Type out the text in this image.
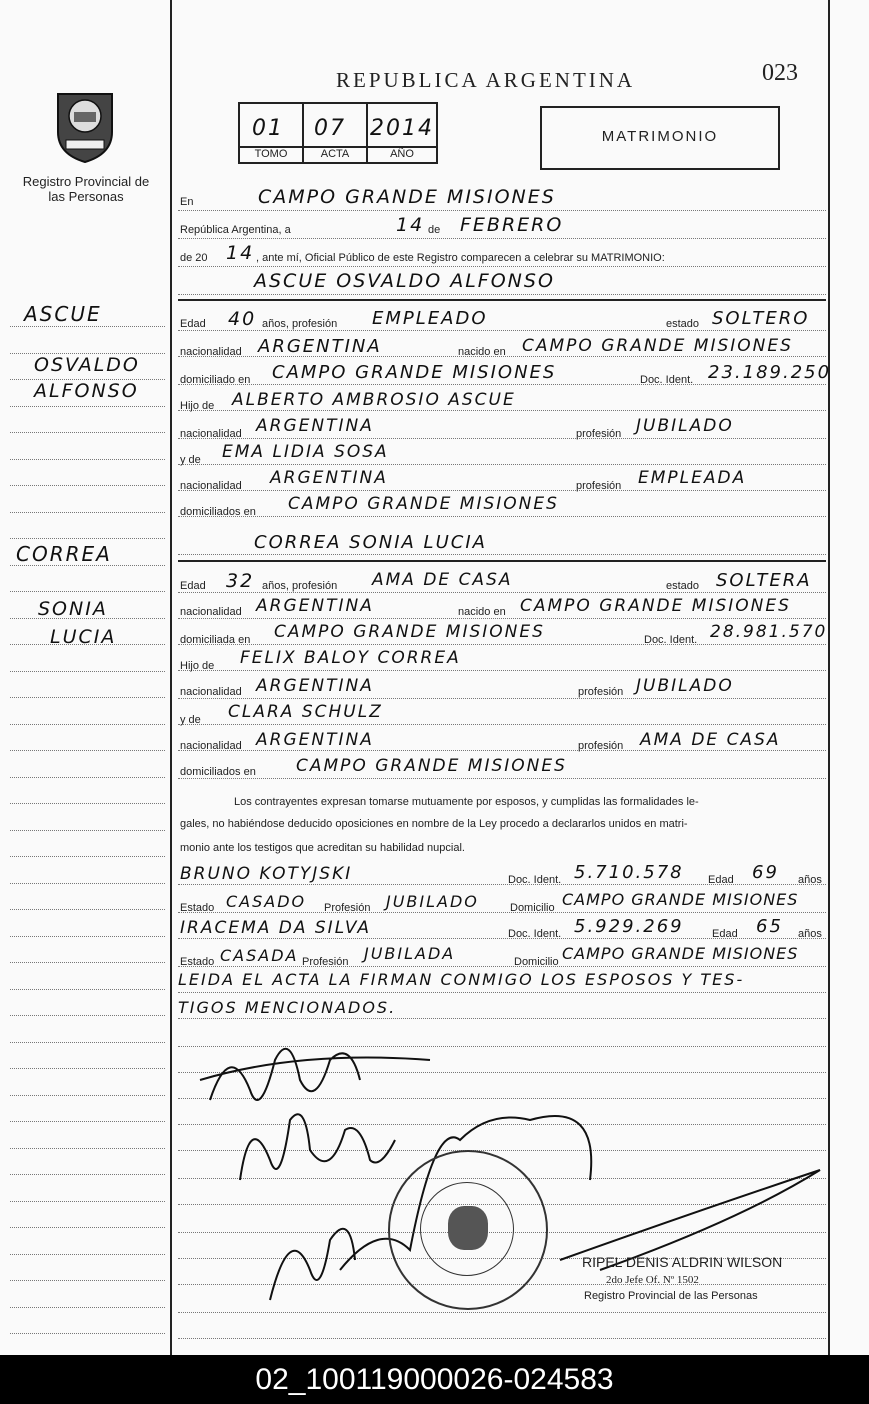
Registro Provincial de las Personas
REPUBLICA ARGENTINA	023
01 07 2014
TOMO	ACTA	AÑO
MATRIMONIO
En	CAMPO GRANDE MISIONES
República Argentina, a	14 de FEBRERO
de 20 14 , ante mí, Oficial Público de este Registro comparecen a celebrar su MATRIMONIO:
ASCUE OSVALDO ALFONSO
ASCUE
OSVALDO
ALFONSO
Edad 40 años, profesión EMPLEADO	estado SOLTERO
nacionalidad ARGENTINA	nacido en CAMPO GRANDE MISIONES
domiciliado en CAMPO GRANDE MISIONES	Doc. Ident. 23.189.250
Hijo de ALBERTO AMBROSIO ASCUE
nacionalidad ARGENTINA	profesión JUBILADO
y de EMA LIDIA SOSA
nacionalidad ARGENTINA	profesión EMPLEADA
domiciliados en CAMPO GRANDE MISIONES
CORREA SONIA LUCIA
CORREA
SONIA
LUCIA
Edad 32 años, profesión AMA DE CASA	estado SOLTERA
nacionalidad ARGENTINA	nacido en CAMPO GRANDE MISIONES
domiciliada en CAMPO GRANDE MISIONES	Doc. Ident. 28.981.570
Hijo de FELIX BALOY CORREA
nacionalidad ARGENTINA	profesión JUBILADO
y de CLARA SCHULZ
nacionalidad ARGENTINA	profesión AMA DE CASA
domiciliados en CAMPO GRANDE MISIONES
Los contrayentes expresan tomarse mutuamente por esposos, y cumplidas las formalidades le-
gales, no habiéndose deducido oposiciones en nombre de la Ley procedo a declararlos unidos en matri-
monio ante los testigos que acreditan su habilidad nupcial.
BRUNO KOTYJSKI	Doc. Ident. 5.710.578 Edad 69 años
Estado CASADO Profesión JUBILADO	Domicilio CAMPO GRANDE MISIONES
IRACEMA DA SILVA	Doc. Ident. 5.929.269	Edad 65 años
Estado CASADA Profesión JUBILADA	Domicilio CAMPO GRANDE MISIONES
LEIDA EL ACTA LA FIRMAN CONMIGO LOS ESPOSOS Y TES-
TIGOS MENCIONADOS.
RIPEL DENIS ALDRIN WILSON
2do Jefe Of. Nº 1502
Registro Provincial de las Personas
02_100119000026-024583
